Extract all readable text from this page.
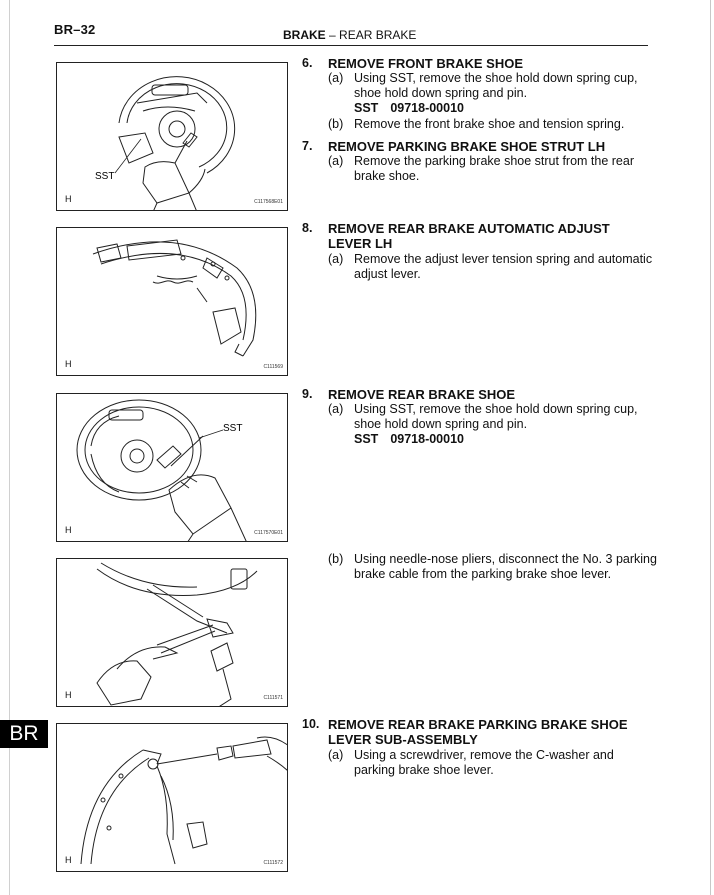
BR–32	BRAKE – REAR BRAKE
SST
H	C117568E01
H	C111569
SST
H	C117570E01
H	C111571
H	C111572
6. REMOVE FRONT BRAKE SHOE
(a) Using SST, remove the shoe hold down spring cup, shoe hold down spring and pin.
SST 09718-00010
(b) Remove the front brake shoe and tension spring.
7. REMOVE PARKING BRAKE SHOE STRUT LH
(a) Remove the parking brake shoe strut from the rear brake shoe.
8. REMOVE REAR BRAKE AUTOMATIC ADJUST LEVER LH
(a) Remove the adjust lever tension spring and automatic adjust lever.
9. REMOVE REAR BRAKE SHOE
(a) Using SST, remove the shoe hold down spring cup, shoe hold down spring and pin.
SST 09718-00010
(b) Using needle-nose pliers, disconnect the No. 3 parking brake cable from the parking brake shoe lever.
10. REMOVE REAR BRAKE PARKING BRAKE SHOE LEVER SUB-ASSEMBLY
(a) Using a screwdriver, remove the C-washer and parking brake shoe lever.
BR
